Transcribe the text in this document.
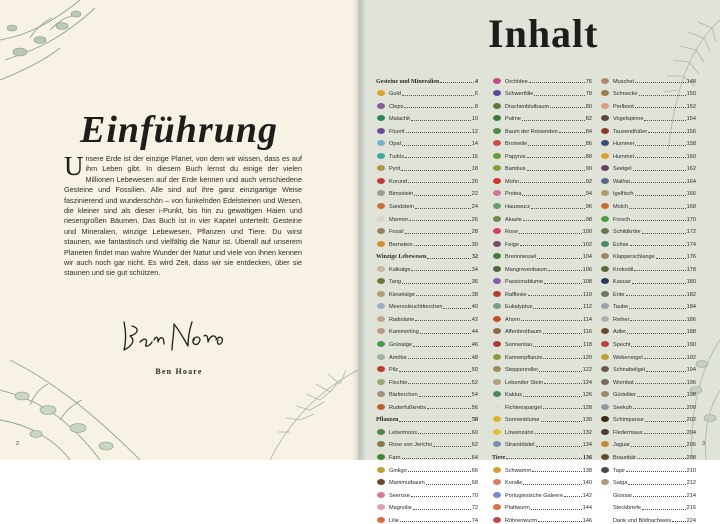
Einführung

Unsere Erde ist der einzige Planet, von dem wir wissen, dass es auf ihm Leben gibt. In diesem Buch lernst du einige der vielen Millionen Lebewesen auf der Erde kennen und auch verschiedene Gesteine und Fossilien. Alle sind auf ihre ganz einzigartige Weise faszinierend und wunderschön – von funkelnden Edelsteinen und Wesen, die kleiner sind als dieser i-Punkt, bis hin zu gewaltigen Haien und riesengroßen Bäumen. Das Buch ist in vier Kapitel unterteilt: Gesteine und Mineralien, winzige Lebewesen, Pflanzen und Tiere. Du wirst staunen, wie fantastisch und vielfältig die Natur ist. Überall auf unserem Planeten findet man wahre Wunder der Natur und viele von ihnen kennen wir auch noch gar nicht. Es wird Zeit, dass wir sie entdecken, über sie staunen und sie gut schützen.

Ben Hoare
2
Inhalt
Gesteine und Mineralien	4
Gold	6
Cleps	8
Malachit	10
Fluorit	12
Opal	14
Turkis	16
Pyrit	18
Korund	20
Bimsstein	22
Sandstein	24
Marmor	26
Fossil	28
Bernstein	30
Winzige Lebewesen	32
Kalkalge	34
Tang	36
Kieselalge	38
Meeresleuchttierchen	40
Radiolarie	42
Kammerling	44
Grünalge	46
Amöbe	48
Pilz	50
Flechte	52
Bärtierchen	54
Ruderfußkrebs	56
Pflanzen	58
Lebermoos	60
Rose von Jericho	62
Farn	64
Ginkgo	66
Mammutbaum	68
Seerose	70
Magnolie	72
Lilie	74
Orchidee	76
Schwertlilie	78
Drachenblutbaum	80
Palme	82
Baum der Reisenden	84
Bromelie	86
Papyrus	88
Bambus	90
Mohn	92
Protea	94
Hauswurz	96
Akazie	98
Rose	100
Feige	102
Brennnessel	104
Mangrovenbaum	106
Passionsblume	108
Rafflesie	110
Eukalyptus	112
Ahorn	114
Affenbrotbaum	116
Sonnentau	118
Kannenpflanze	120
Steppenroller	122
Lebender Stein	124
Kaktus	126
Fichtenspargel	128
Sonnenblume	130
Löwenzahn	132
Stranddistel	134
Tiere	136
Schwamm	138
Koralle	140
Portugiesische Galeere	142
Plattwurm	144
Röhrenwurm	146
Muschel	148
Schnecke	150
Perlboot	152
Vogelspinne	154
Tausendfüßer	156
Hummer	158
Hummel	160
Seeigel	162
Walhai	164
Igelfisch	166
Molch	168
Frosch	170
Schildkröte	172
Echse	174
Klapperschlange	176
Krokodil	178
Kasuar	180
Ente	182
Taube	184
Reiher	186
Adler	188
Specht	190
Webervogel	192
Schnabeligel	194
Wombat	196
Gürteltier	198
Seekuh	200
Schimpanse	202
Fledermaus	204
Jaguar	206
Braunbär	208
Tapir	210
Saiga	212
Glossar	214
Steckbriefe	216
Dank und Bildnachweis	224
3
